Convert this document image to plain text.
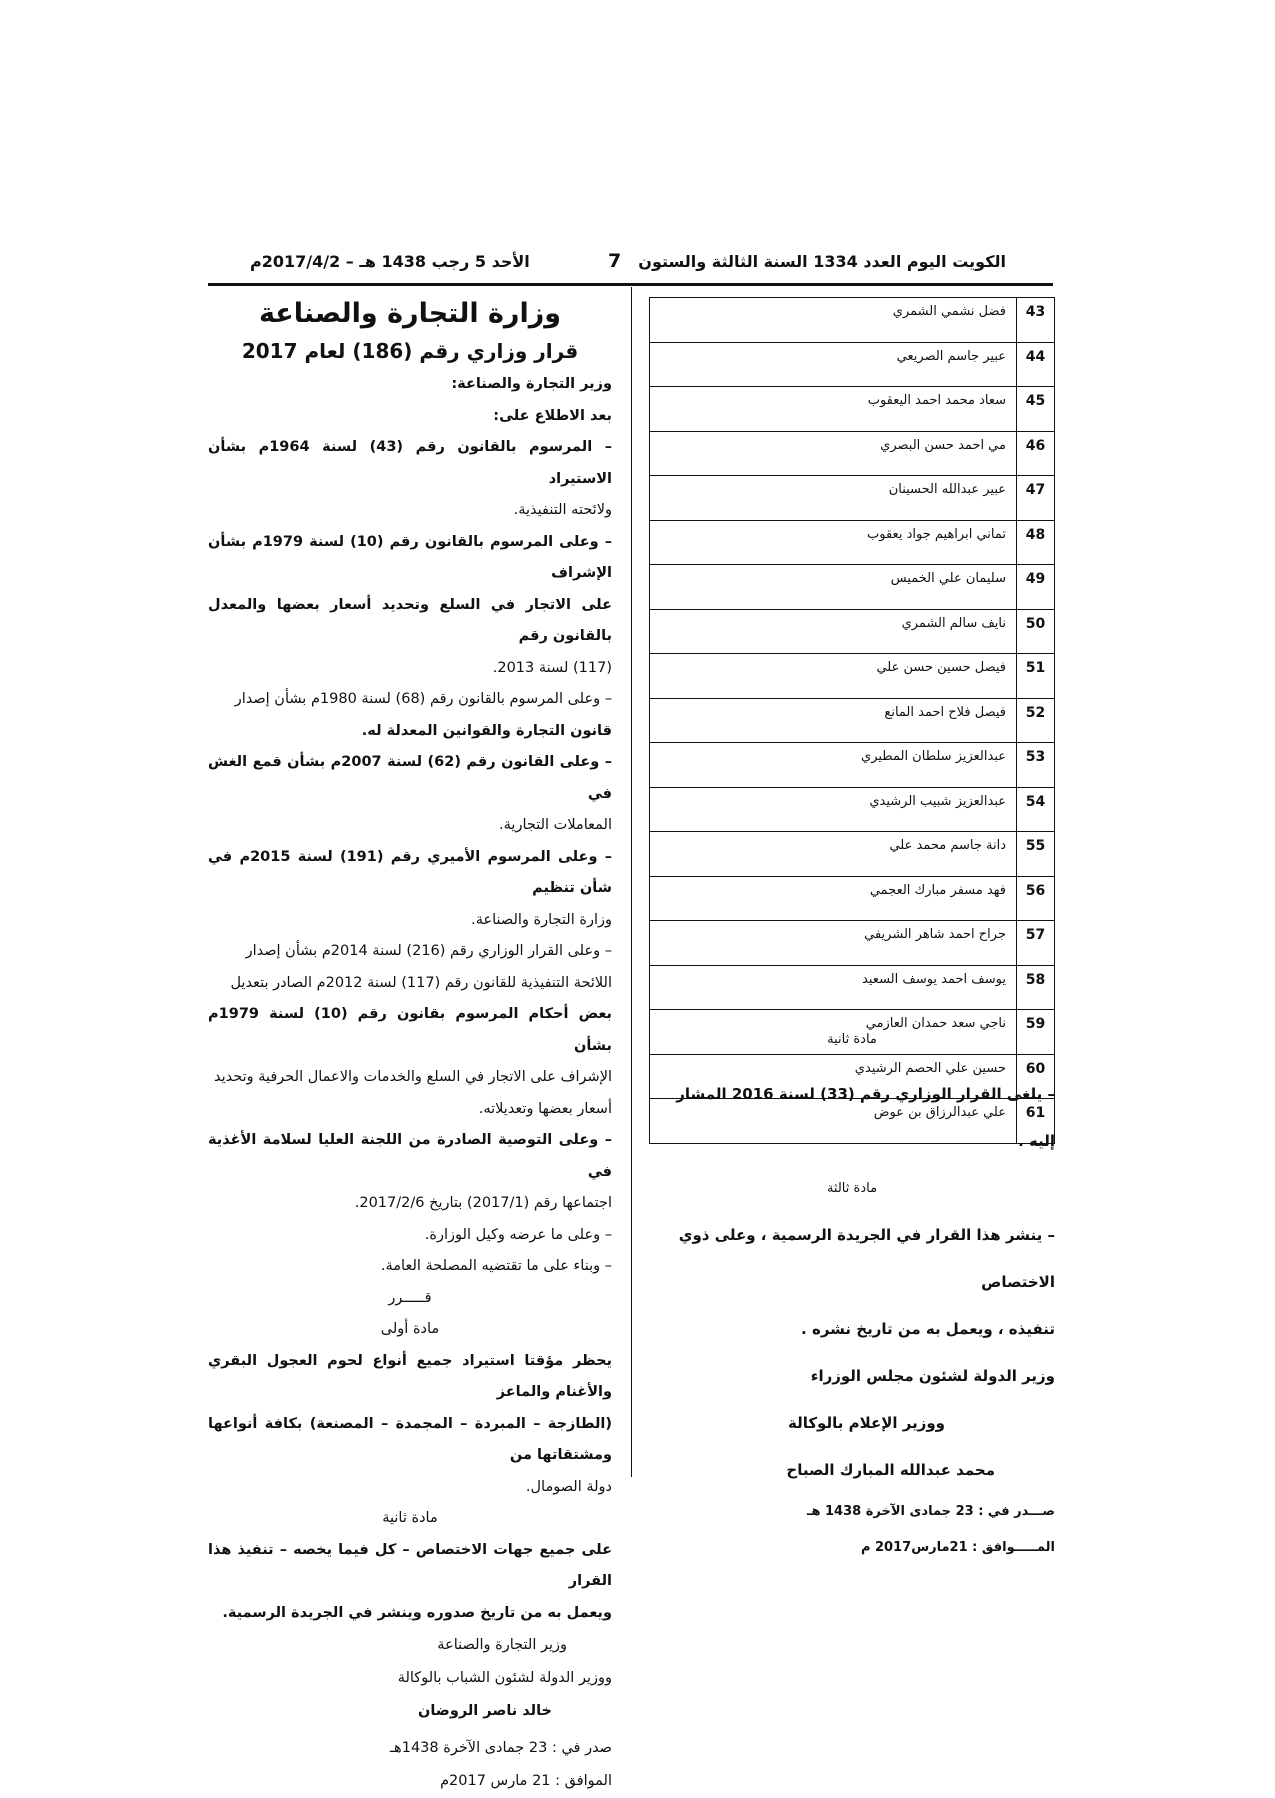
الكويت اليوم العدد 1334 السنة الثالثة والستون
7
الأحد 5 رجب 1438 هـ – 2017/4/2م
وزارة التجارة والصناعة
قرار وزاري رقم (186) لعام 2017
وزير التجارة والصناعة:
بعد الاطلاع على:
– المرسوم بالقانون رقم (43) لسنة 1964م بشأن الاستيراد
ولائحته التنفيذية.
– وعلى المرسوم بالقانون رقم (10) لسنة 1979م بشأن الإشراف
على الاتجار في السلع وتحديد أسعار بعضها والمعدل بالقانون رقم
(117) لسنة 2013.
– وعلى المرسوم بالقانون رقم (68) لسنة 1980م بشأن إصدار
قانون التجارة والقوانين المعدلة له.
– وعلى القانون رقم (62) لسنة 2007م بشأن قمع الغش في
المعاملات التجارية.
– وعلى المرسوم الأميري رقم (191) لسنة 2015م في شأن تنظيم
وزارة التجارة والصناعة.
– وعلى القرار الوزاري رقم (216) لسنة 2014م بشأن إصدار
اللائحة التنفيذية للقانون رقم (117) لسنة 2012م الصادر بتعديل
بعض أحكام المرسوم بقانون رقم (10) لسنة 1979م بشأن
الإشراف على الاتجار في السلع والخدمات والاعمال الحرفية وتحديد
أسعار بعضها وتعديلاته.
– وعلى التوصية الصادرة من اللجنة العليا لسلامة الأغذية في
اجتماعها رقم (2017/1) بتاريخ 2017/2/6.
– وعلى ما عرضه وكيل الوزارة.
– وبناء على ما تقتضيه المصلحة العامة.
قـــــرر
مادة أولى
يحظر مؤقتا استيراد جميع أنواع لحوم العجول البقري والأغنام والماعز
(الطازجة – المبردة – المجمدة – المصنعة) بكافة أنواعها ومشتقاتها من
دولة الصومال.
مادة ثانية
على جميع جهات الاختصاص – كل فيما يخصه – تنفيذ هذا القرار
ويعمل به من تاريخ صدوره وينشر في الجريدة الرسمية.
وزير التجارة والصناعة
ووزير الدولة لشئون الشباب بالوكالة
خالد ناصر الروضان
صدر في : 23 جمادى الآخرة 1438هـ
الموافق : 21 مارس 2017م
43	فضل نشمي الشمري
44	عبير جاسم الصريعي
45	سعاد محمد احمد اليعقوب
46	مي احمد حسن البصري
47	عبير عبدالله الحسينان
48	تماني ابراهيم جواد يعقوب
49	سليمان علي الخميس
50	نايف سالم الشمري
51	فيصل حسين حسن علي
52	فيصل فلاح احمد المانع
53	عبدالعزيز سلطان المطيري
54	عبدالعزيز شبيب الرشيدي
55	دانة جاسم محمد علي
56	فهد مسفر مبارك العجمي
57	جراح احمد شاهر الشريفي
58	يوسف احمد يوسف السعيد
59	ناجي سعد حمدان العازمي
60	حسين علي الحصم الرشيدي
61	علي عبدالرزاق بن عوض
مادة ثانية
– يلغى القرار الوزاري رقم (33) لسنة 2016 المشار إليه .
مادة ثالثة
– ينشر هذا القرار في الجريدة الرسمية ، وعلى ذوي الاختصاص
تنفيذه ، ويعمل به من تاريخ نشره .
وزير الدولة لشئون مجلس الوزراء
ووزير الإعلام بالوكالة
محمد عبدالله المبارك الصباح
صـــدر في : 23 جمادى الآخرة 1438 هـ
المـــــوافق : 21مارس2017 م
